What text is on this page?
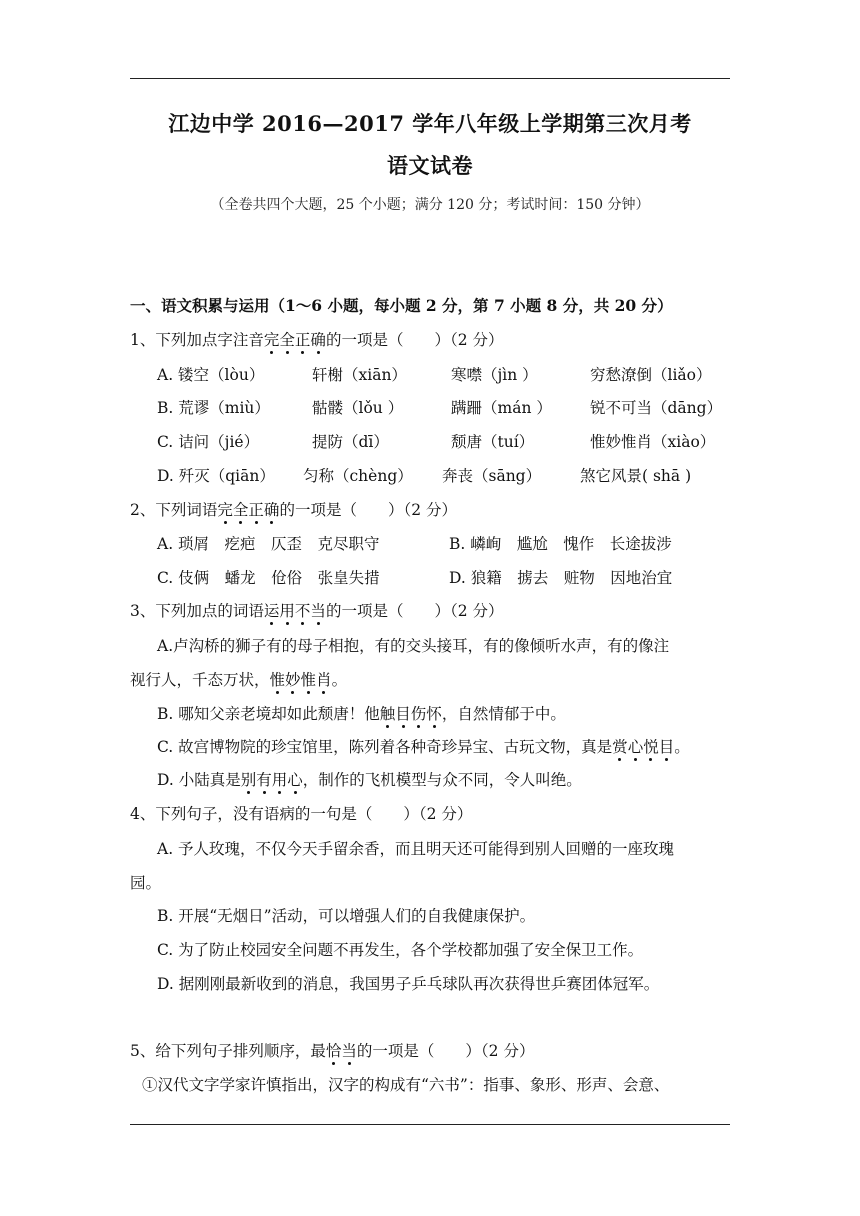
江边中学 2016—2017 学年八年级上学期第三次月考
语文试卷
（全卷共四个大题，25 个小题；满分 120 分；考试时间：150 分钟）
一、语文积累与运用（1～6 小题，每小题 2 分，第 7 小题 8 分，共 20 分）
1、下列加点字注音完全正确的一项是（　　）（2 分）
A. 镂空（lòu）	轩榭（xiān）	寒噤（jìn ）	穷愁潦倒（liǎo）
B. 荒谬（miù）	骷髅（lǒu ）	蹒跚（mán ） 锐不可当（dāng）
C. 诘问（jié）	提防（dī）	颓唐（tuí）	惟妙惟肖（xiào）
D. 歼灭（qiān） 匀称（chèng） 奔丧（sāng）	煞它风景( shā )
2、下列词语完全正确的一项是（　　）（2 分）
A. 琐屑　疙疤　仄歪　克尽职守	B. 嶙峋　尴尬　愧作　长途拔涉
C. 伎俩　蟠龙　伧俗　张皇失措	D. 狼籍　掳去　赃物　因地治宜
3、下列加点的词语运用不当的一项是（　　）（2 分）
A.卢沟桥的狮子有的母子相抱，有的交头接耳，有的像倾听水声，有的像注
视行人，千态万状，惟妙惟肖。
B. 哪知父亲老境却如此颓唐！他触目伤怀，自然情郁于中。
C. 故宫博物院的珍宝馆里，陈列着各种奇珍异宝、古玩文物，真是赏心悦目。
D. 小陆真是别有用心，制作的飞机模型与众不同，令人叫绝。
4、下列句子，没有语病的一句是（　　）（2 分）
A. 予人玫瑰，不仅今天手留余香，而且明天还可能得到别人回赠的一座玫瑰
园。
B. 开展“无烟日”活动，可以增强人们的自我健康保护。
C. 为了防止校园安全问题不再发生，各个学校都加强了安全保卫工作。
D. 据刚刚最新收到的消息，我国男子乒乓球队再次获得世乒赛团体冠军。
5、给下列句子排列顺序，最恰当的一项是（　　）（2 分）
①汉代文字学家许慎指出，汉字的构成有“六书”：指事、象形、形声、会意、
